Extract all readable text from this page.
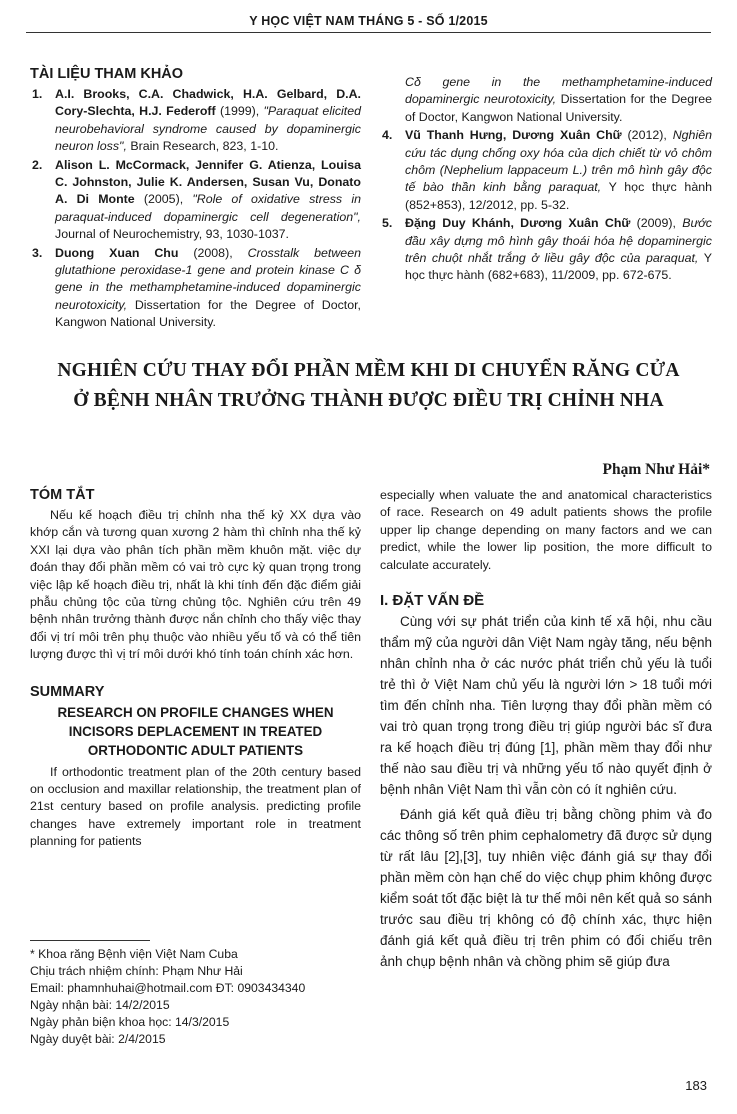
Y HỌC VIỆT NAM THÁNG 5 - SỐ 1/2015
TÀI LIỆU THAM KHẢO
1. A.I. Brooks, C.A. Chadwick, H.A. Gelbard, D.A. Cory-Slechta, H.J. Federoff (1999), "Paraquat elicited neurobehavioral syndrome caused by dopaminergic neuron loss", Brain Research, 823, 1-10.
2. Alison L. McCormack, Jennifer G. Atienza, Louisa C. Johnston, Julie K. Andersen, Susan Vu, Donato A. Di Monte (2005), "Role of oxidative stress in paraquat-induced dopaminergic cell degeneration", Journal of Neurochemistry, 93, 1030-1037.
3. Duong Xuan Chu (2008), Crosstalk between glutathione peroxidase-1 gene and protein kinase C δ gene in the methamphetamine-induced dopaminergic neurotoxicity, Dissertation for the Degree of Doctor, Kangwon National University.
Cδ gene in the methamphetamine-induced dopaminergic neurotoxicity, Dissertation for the Degree of Doctor, Kangwon National University.
4. Vũ Thanh Hưng, Dương Xuân Chữ (2012), Nghiên cứu tác dụng chống oxy hóa của dịch chiết từ vỏ chôm chôm (Nephelium lappaceum L.) trên mô hình gây độc tế bào thần kinh bằng paraquat, Y học thực hành (852+853), 12/2012, pp. 5-32.
5. Đặng Duy Khánh, Dương Xuân Chữ (2009), Bước đầu xây dựng mô hình gây thoái hóa hệ dopaminergic trên chuột nhắt trắng ở liều gây độc của paraquat, Y học thực hành (682+683), 11/2009, pp. 672-675.
NGHIÊN CỨU THAY ĐỔI PHẦN MỀM KHI DI CHUYỂN RĂNG CỬA
Ở BỆNH NHÂN TRƯỞNG THÀNH ĐƯỢC ĐIỀU TRỊ CHỈNH NHA
Phạm Như Hải*
TÓM TẮT

Nếu kế hoạch điều trị chỉnh nha thế kỷ XX dựa vào khớp cắn và tương quan xương 2 hàm thì chỉnh nha thế kỷ XXI lại dựa vào phân tích phần mềm khuôn mặt. việc dự đoán thay đổi phần mềm có vai trò cực kỳ quan trọng trong việc lập kế hoạch điều trị, nhất là khi tính đến đặc điểm giải phẫu chủng tộc của từng chủng tộc. Nghiên cứu trên 49 bệnh nhân trưởng thành được nắn chỉnh cho thấy việc thay đổi vị trí môi trên phụ thuộc vào nhiều yếu tố và có thể tiên lượng được thì vị trí môi dưới khó tính toán chính xác hơn.

SUMMARY

RESEARCH ON PROFILE CHANGES WHEN INCISORS DEPLACEMENT IN TREATED ORTHODONTIC ADULT PATIENTS

If orthodontic treatment plan of the 20th century based on occlusion and maxillar relationship, the treatment plan of 21st century based on profile analysis. predicting profile changes have extremely important role in treatment planning for patients

especially when valuate the and anatomical characteristics of race. Research on 49 adult patients shows the profile upper lip change depending on many factors and we can predict, while the lower lip position, the more difficult to calculate accurately.

I. ĐẶT VẤN ĐỀ

Cùng với sự phát triển của kinh tế xã hội, nhu cầu thẩm mỹ của người dân Việt Nam ngày tăng, nếu bệnh nhân chỉnh nha ở các nước phát triển chủ yếu là tuổi trẻ thì ở Việt Nam chủ yếu là người lớn > 18 tuổi mới tìm đến chỉnh nha. Tiên lượng thay đổi phần mềm có vai trò quan trọng trong điều trị giúp người bác sĩ đưa ra kế hoạch điều trị đúng [1], phần mềm thay đổi như thế nào sau điều trị và những yếu tố nào quyết định ở bệnh nhân Việt Nam thì vẫn còn có ít nghiên cứu.

Đánh giá kết quả điều trị bằng chồng phim và đo các thông số trên phim cephalometry đã được sử dụng từ rất lâu [2],[3], tuy nhiên việc đánh giá sự thay đổi phần mềm còn hạn chế do việc chụp phim không được kiểm soát tốt đặc biệt là tư thế môi nên kết quả so sánh trước sau điều trị không có độ chính xác, thực hiện đánh giá kết quả điều trị trên phim có đối chiếu trên ảnh chụp bệnh nhân và chồng phim sẽ giúp đưa

* Khoa răng Bệnh viện Việt Nam Cuba
Chịu trách nhiệm chính: Phạm Như Hải
Email: phamnhuhai@hotmail.com ĐT: 0903434340
Ngày nhận bài: 14/2/2015
Ngày phản biện khoa học: 14/3/2015
Ngày duyệt bài: 2/4/2015
183
